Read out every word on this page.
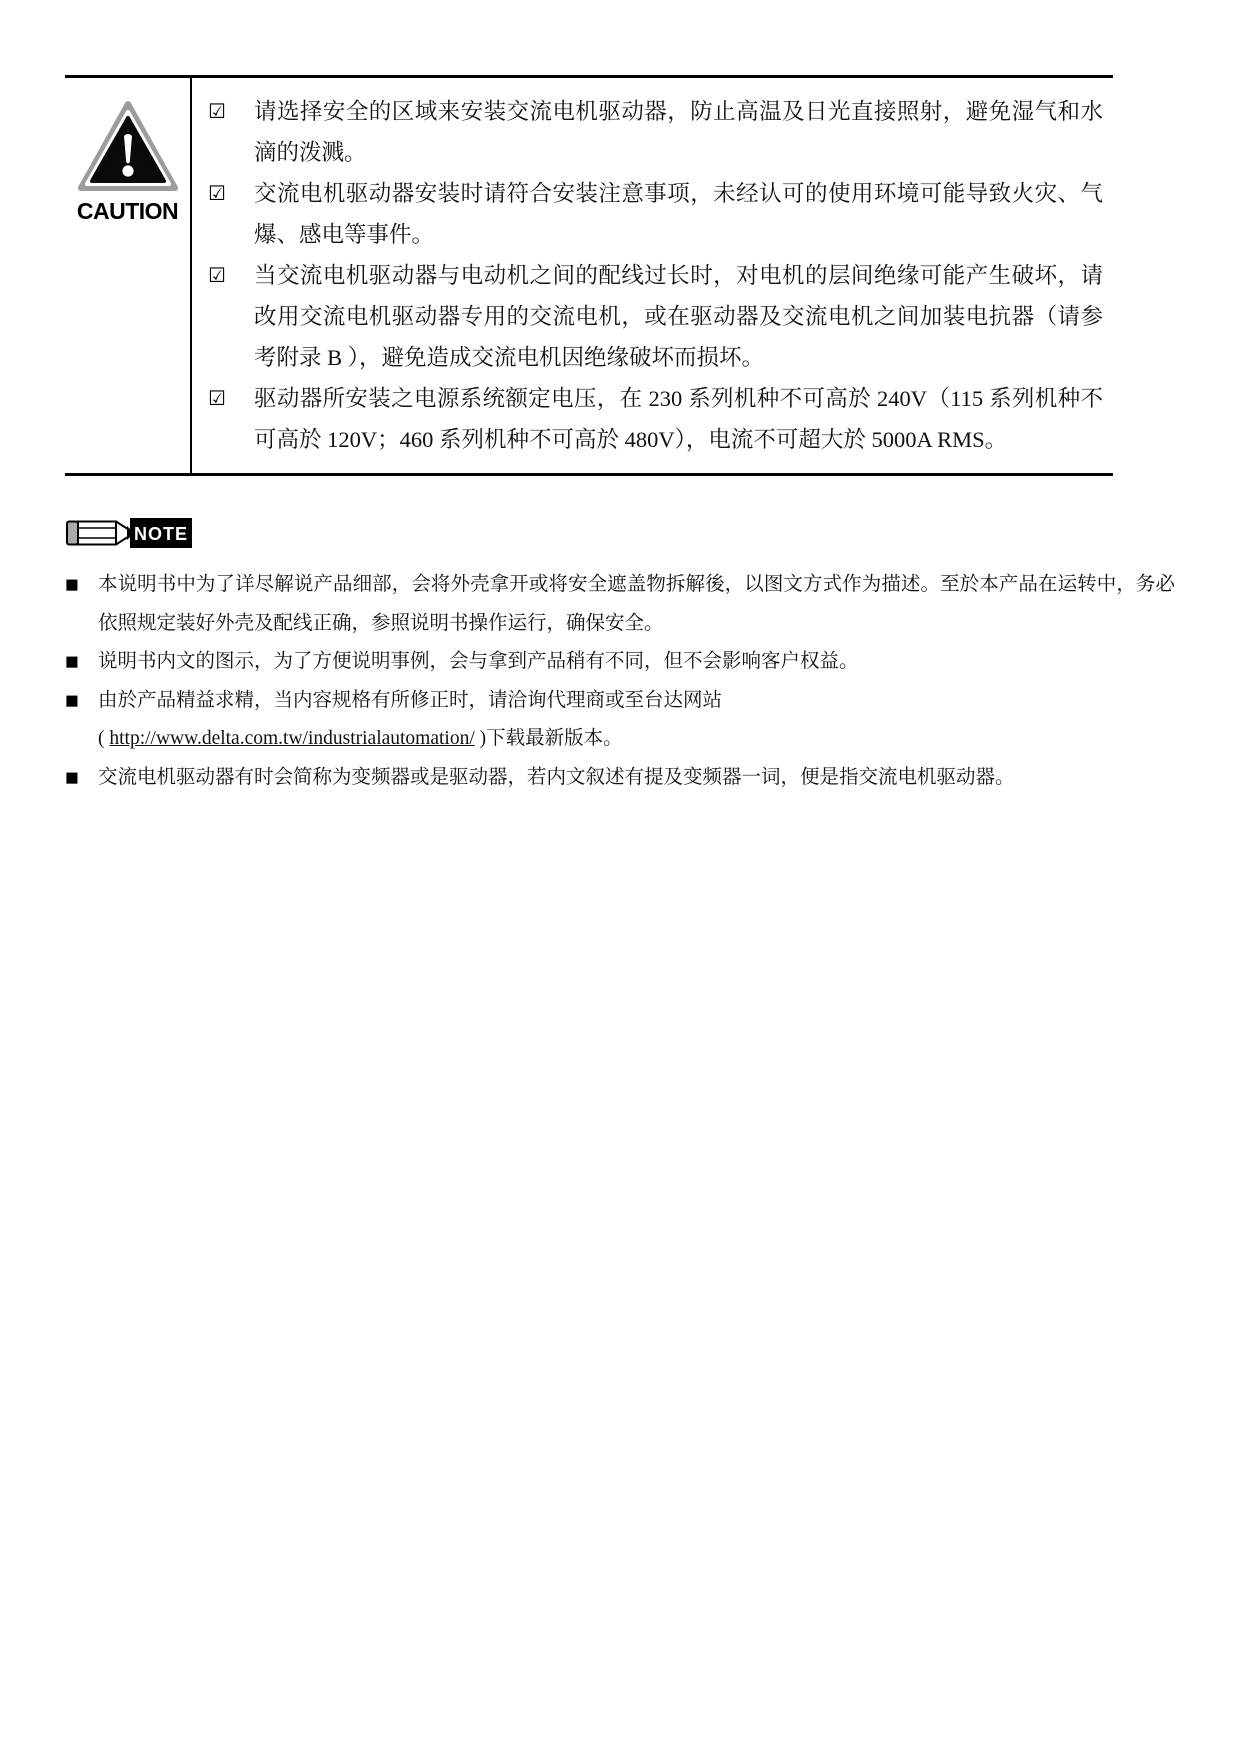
CAUTION
☑	请选择安全的区域来安装交流电机驱动器，防止高温及日光直接照射，避免湿气和水滴的泼溅。
☑	交流电机驱动器安装时请符合安装注意事项，未经认可的使用环境可能导致火灾、气爆、感电等事件。
☑	当交流电机驱动器与电动机之间的配线过长时，对电机的层间绝缘可能产生破坏，请改用交流电机驱动器专用的交流电机，或在驱动器及交流电机之间加装电抗器（请参考附录 B ），避免造成交流电机因绝缘破坏而损坏。
☑	驱动器所安装之电源系统额定电压，在 230 系列机种不可高於 240V（115 系列机种不可高於 120V；460 系列机种不可高於 480V），电流不可超大於 5000A RMS。
NOTE
■ 本说明书中为了详尽解说产品细部，会将外壳拿开或将安全遮盖物拆解後，以图文方式作为描述。至於本产品在运转中，务必依照规定装好外壳及配线正确，参照说明书操作运行，确保安全。
■ 说明书内文的图示，为了方便说明事例，会与拿到产品稍有不同，但不会影响客户权益。
■ 由於产品精益求精，当内容规格有所修正时，请洽询代理商或至台达网站
( http://www.delta.com.tw/industrialautomation/ )下载最新版本。
■ 交流电机驱动器有时会简称为变频器或是驱动器，若内文叙述有提及变频器一词，便是指交流电机驱动器。
